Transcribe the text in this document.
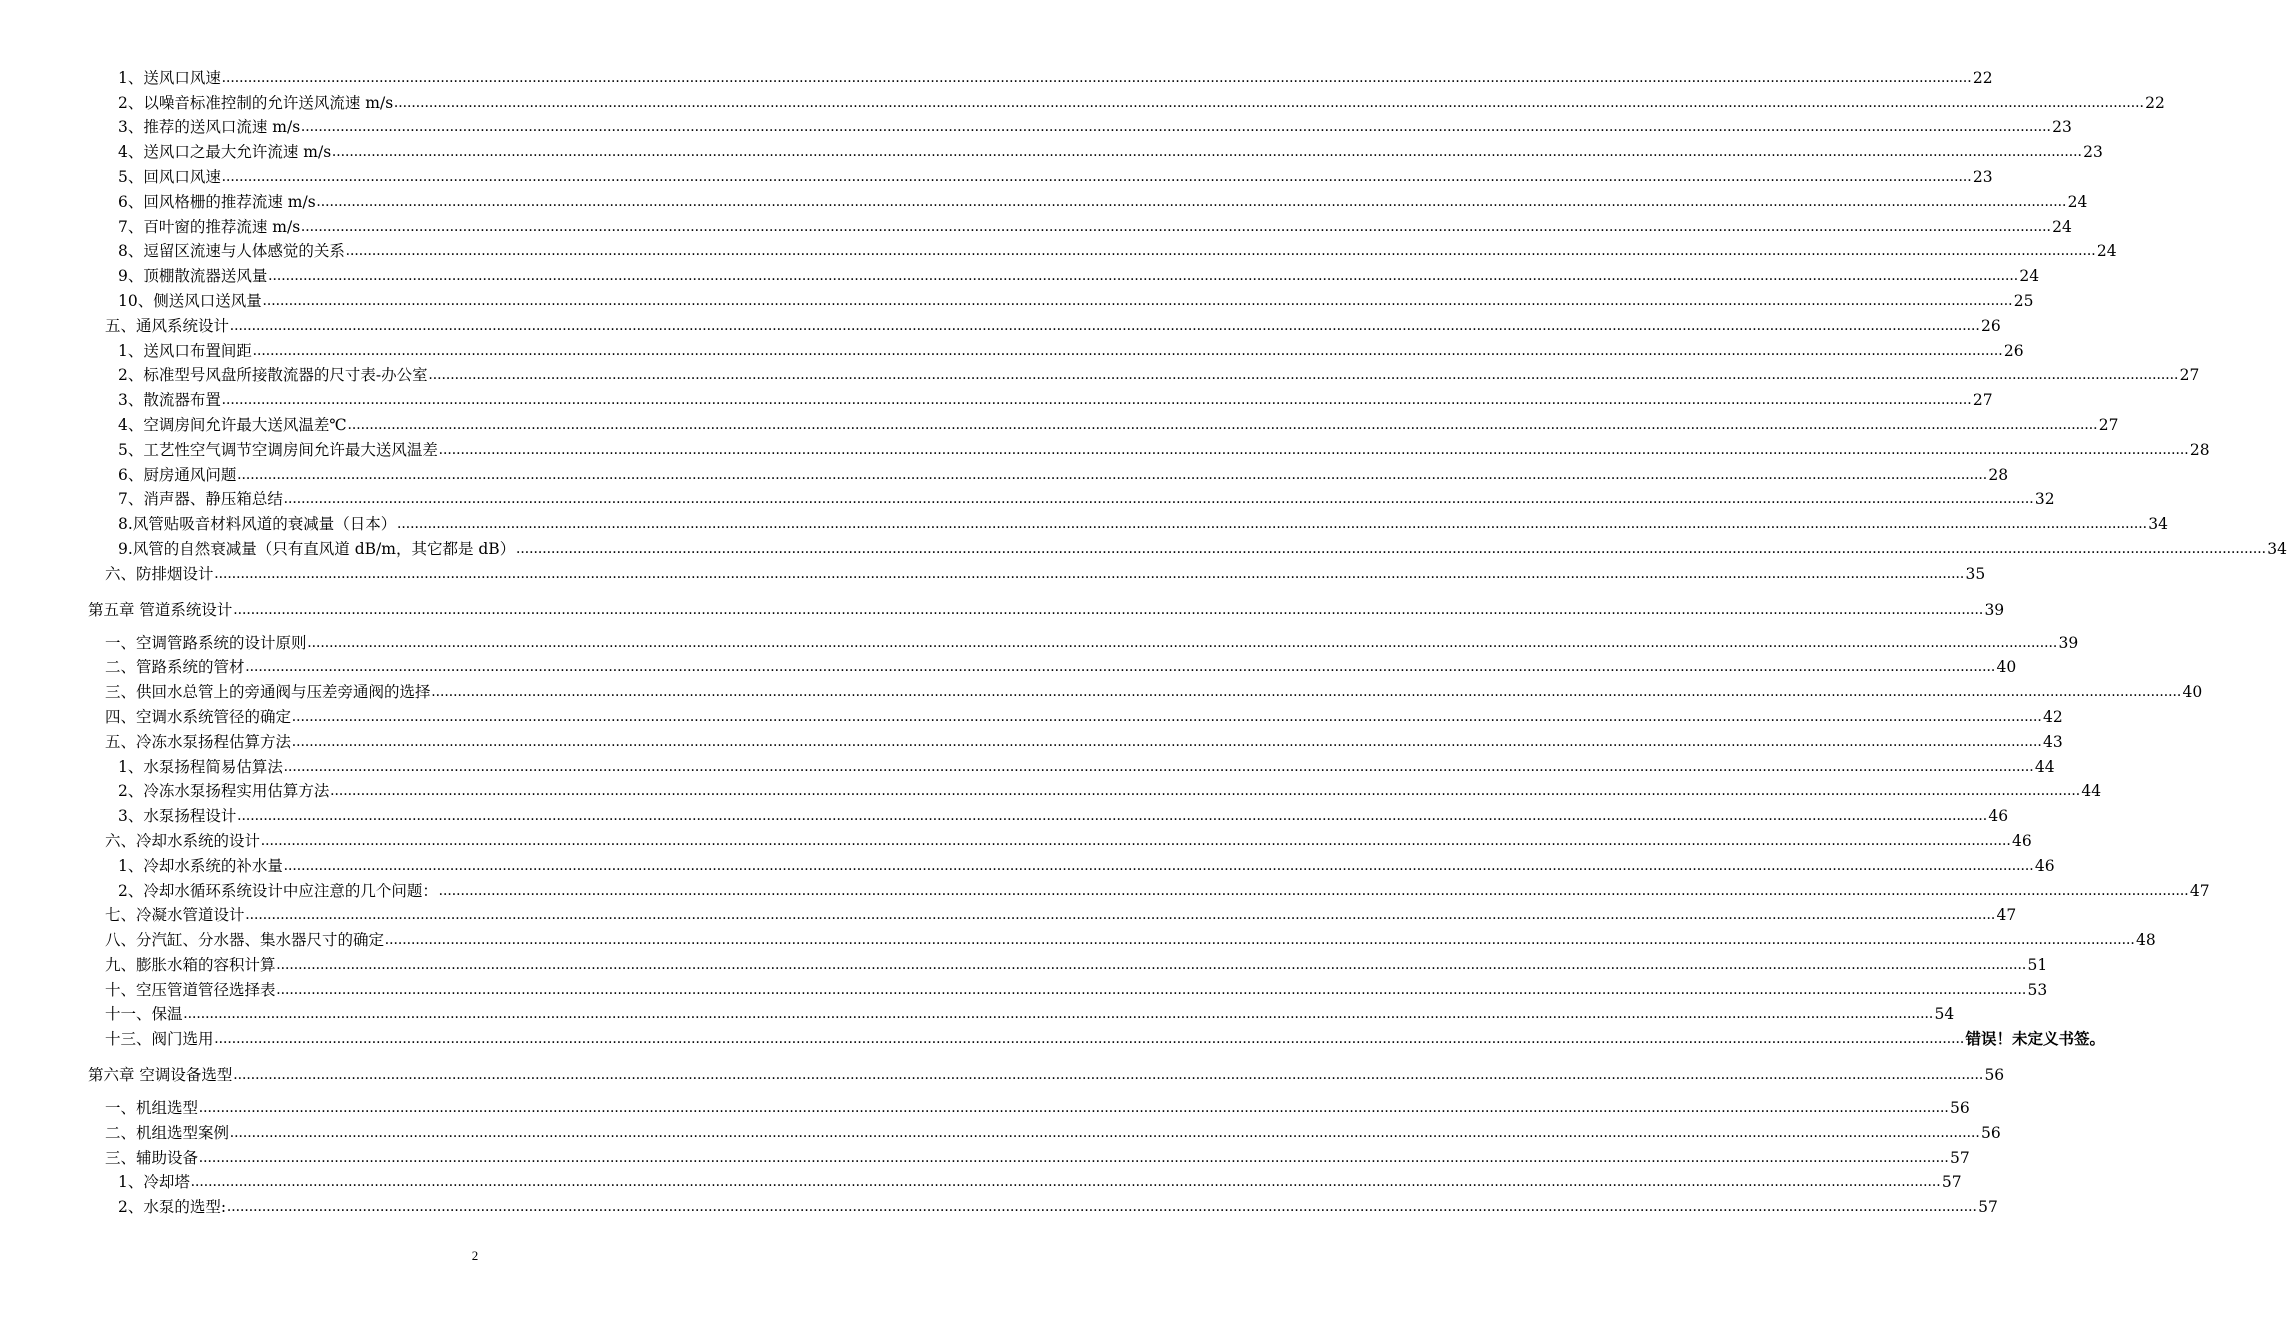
1、送风口风速 ................................................................................................................................................................................................................................................................................................................................................................................................................ 22
2、以噪音标准控制的允许送风流速 m/s ................................................................................................................................................................................................................................................................................................................................................................................................................ 22
3、推荐的送风口流速 m/s ................................................................................................................................................................................................................................................................................................................................................................................................................ 23
4、送风口之最大允许流速 m/s ................................................................................................................................................................................................................................................................................................................................................................................................................ 23
5、回风口风速 ................................................................................................................................................................................................................................................................................................................................................................................................................ 23
6、回风格栅的推荐流速 m/s ................................................................................................................................................................................................................................................................................................................................................................................................................ 24
7、百叶窗的推荐流速 m/s ................................................................................................................................................................................................................................................................................................................................................................................................................ 24
8、逗留区流速与人体感觉的关系 ................................................................................................................................................................................................................................................................................................................................................................................................................ 24
9、顶棚散流器送风量 ................................................................................................................................................................................................................................................................................................................................................................................................................ 24
10、侧送风口送风量 ................................................................................................................................................................................................................................................................................................................................................................................................................ 25
五、通风系统设计 ................................................................................................................................................................................................................................................................................................................................................................................................................ 26
1、送风口布置间距 ................................................................................................................................................................................................................................................................................................................................................................................................................ 26
2、标准型号风盘所接散流器的尺寸表-办公室 ................................................................................................................................................................................................................................................................................................................................................................................................................ 27
3、散流器布置 ................................................................................................................................................................................................................................................................................................................................................................................................................ 27
4、空调房间允许最大送风温差℃ ................................................................................................................................................................................................................................................................................................................................................................................................................ 27
5、工艺性空气调节空调房间允许最大送风温差 ................................................................................................................................................................................................................................................................................................................................................................................................................ 28
6、厨房通风问题 ................................................................................................................................................................................................................................................................................................................................................................................................................ 28
7、消声器、静压箱总结 ................................................................................................................................................................................................................................................................................................................................................................................................................ 32
8.风管贴吸音材料风道的衰减量（日本） ................................................................................................................................................................................................................................................................................................................................................................................................................ 34
9.风管的自然衰减量（只有直风道 dB/m，其它都是 dB） ................................................................................................................................................................................................................................................................................................................................................................................................................ 34
六、防排烟设计 ................................................................................................................................................................................................................................................................................................................................................................................................................ 35
第五章 管道系统设计 ................................................................................................................................................................................................................................................................................................................................................................................................................ 39
一、空调管路系统的设计原则 ................................................................................................................................................................................................................................................................................................................................................................................................................ 39
二、管路系统的管材 ................................................................................................................................................................................................................................................................................................................................................................................................................ 40
三、供回水总管上的旁通阀与压差旁通阀的选择 ................................................................................................................................................................................................................................................................................................................................................................................................................ 40
四、空调水系统管径的确定 ................................................................................................................................................................................................................................................................................................................................................................................................................ 42
五、冷冻水泵扬程估算方法 ................................................................................................................................................................................................................................................................................................................................................................................................................ 43
1、水泵扬程简易估算法 ................................................................................................................................................................................................................................................................................................................................................................................................................ 44
2、冷冻水泵扬程实用估算方法 ................................................................................................................................................................................................................................................................................................................................................................................................................ 44
3、水泵扬程设计 ................................................................................................................................................................................................................................................................................................................................................................................................................ 46
六、冷却水系统的设计 ................................................................................................................................................................................................................................................................................................................................................................................................................ 46
1、冷却水系统的补水量 ................................................................................................................................................................................................................................................................................................................................................................................................................ 46
2、冷却水循环系统设计中应注意的几个问题： ................................................................................................................................................................................................................................................................................................................................................................................................................ 47
七、冷凝水管道设计 ................................................................................................................................................................................................................................................................................................................................................................................................................ 47
八、分汽缸、分水器、集水器尺寸的确定 ................................................................................................................................................................................................................................................................................................................................................................................................................ 48
九、膨胀水箱的容积计算 ................................................................................................................................................................................................................................................................................................................................................................................................................ 51
十、空压管道管径选择表 ................................................................................................................................................................................................................................................................................................................................................................................................................ 53
十一、保温 ................................................................................................................................................................................................................................................................................................................................................................................................................ 54
十三、阀门选用 ................................................................................................................................................................................................................................................................................................................................................................................................................ 错误！未定义书签。
第六章 空调设备选型 ................................................................................................................................................................................................................................................................................................................................................................................................................ 56
一、机组选型 ................................................................................................................................................................................................................................................................................................................................................................................................................ 56
二、机组选型案例 ................................................................................................................................................................................................................................................................................................................................................................................................................ 56
三、辅助设备 ................................................................................................................................................................................................................................................................................................................................................................................................................ 57
1、冷却塔 ................................................................................................................................................................................................................................................................................................................................................................................................................ 57
2、水泵的选型: ................................................................................................................................................................................................................................................................................................................................................................................................................ 57
2
